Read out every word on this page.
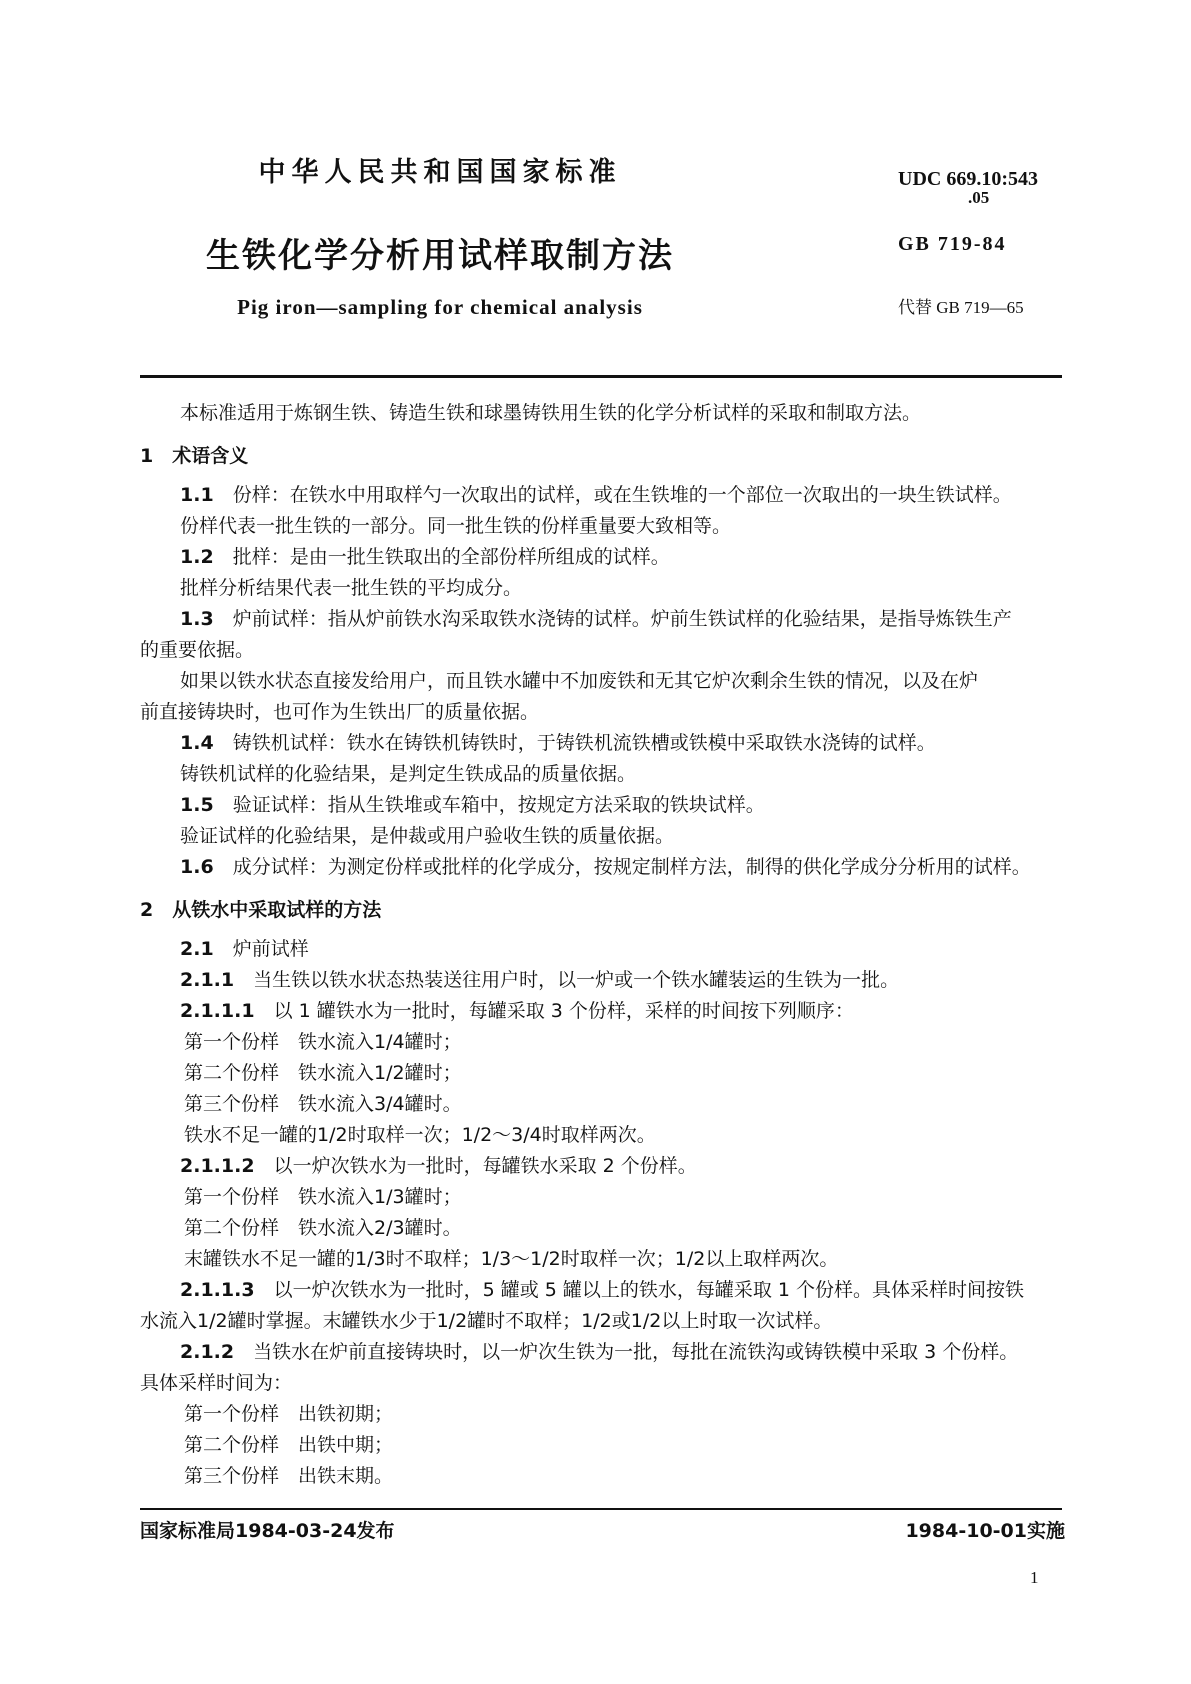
中华人民共和国国家标准
生铁化学分析用试样取制方法
Pig iron—sampling for chemical analysis
UDC 669.10:543
.05
GB 719-84
代替 GB 719—65

本标准适用于炼钢生铁、铸造生铁和球墨铸铁用生铁的化学分析试样的采取和制取方法。

1　 术语含义

1.1　 份样：在铁水中用取样勺一次取出的试样，或在生铁堆的一个部位一次取出的一块生铁试样。

份样代表一批生铁的一部分。同一批生铁的份样重量要大致相等。

1.2　 批样：是由一批生铁取出的全部份样所组成的试样。

批样分析结果代表一批生铁的平均成分。

1.3　 炉前试样：指从炉前铁水沟采取铁水浇铸的试样。炉前生铁试样的化验结果，是指导炼铁生产

的重要依据。

如果以铁水状态直接发给用户，而且铁水罐中不加废铁和无其它炉次剩余生铁的情况，以及在炉

前直接铸块时，也可作为生铁出厂的质量依据。

1.4　 铸铁机试样：铁水在铸铁机铸铁时，于铸铁机流铁槽或铁模中采取铁水浇铸的试样。

铸铁机试样的化验结果，是判定生铁成品的质量依据。

1.5　 验证试样：指从生铁堆或车箱中，按规定方法采取的铁块试样。

验证试样的化验结果，是仲裁或用户验收生铁的质量依据。

1.6　 成分试样：为测定份样或批样的化学成分，按规定制样方法，制得的供化学成分分析用的试样。

2　 从铁水中采取试样的方法

2.1　 炉前试样

2.1.1　 当生铁以铁水状态热装送往用户时，以一炉或一个铁水罐装运的生铁为一批。

2.1.1.1　 以 1 罐铁水为一批时，每罐采取 3 个份样，采样的时间按下列顺序：

第一个份样　铁水流入1/4罐时；

第二个份样　铁水流入1/2罐时；

第三个份样　铁水流入3/4罐时。

铁水不足一罐的1/2时取样一次；1/2～3/4时取样两次。

2.1.1.2　 以一炉次铁水为一批时，每罐铁水采取 2 个份样。

第一个份样　铁水流入1/3罐时；

第二个份样　铁水流入2/3罐时。

末罐铁水不足一罐的1/3时不取样；1/3～1/2时取样一次；1/2以上取样两次。

2.1.1.3　 以一炉次铁水为一批时，5 罐或 5 罐以上的铁水，每罐采取 1 个份样。具体采样时间按铁

水流入1/2罐时掌握。末罐铁水少于1/2罐时不取样；1/2或1/2以上时取一次试样。

2.1.2　 当铁水在炉前直接铸块时，以一炉次生铁为一批，每批在流铁沟或铸铁模中采取 3 个份样。

具体采样时间为：

第一个份样　出铁初期；

第二个份样　出铁中期；

第三个份样　出铁末期。

国家标准局1984-03-24发布	1984-10-01实施
1
